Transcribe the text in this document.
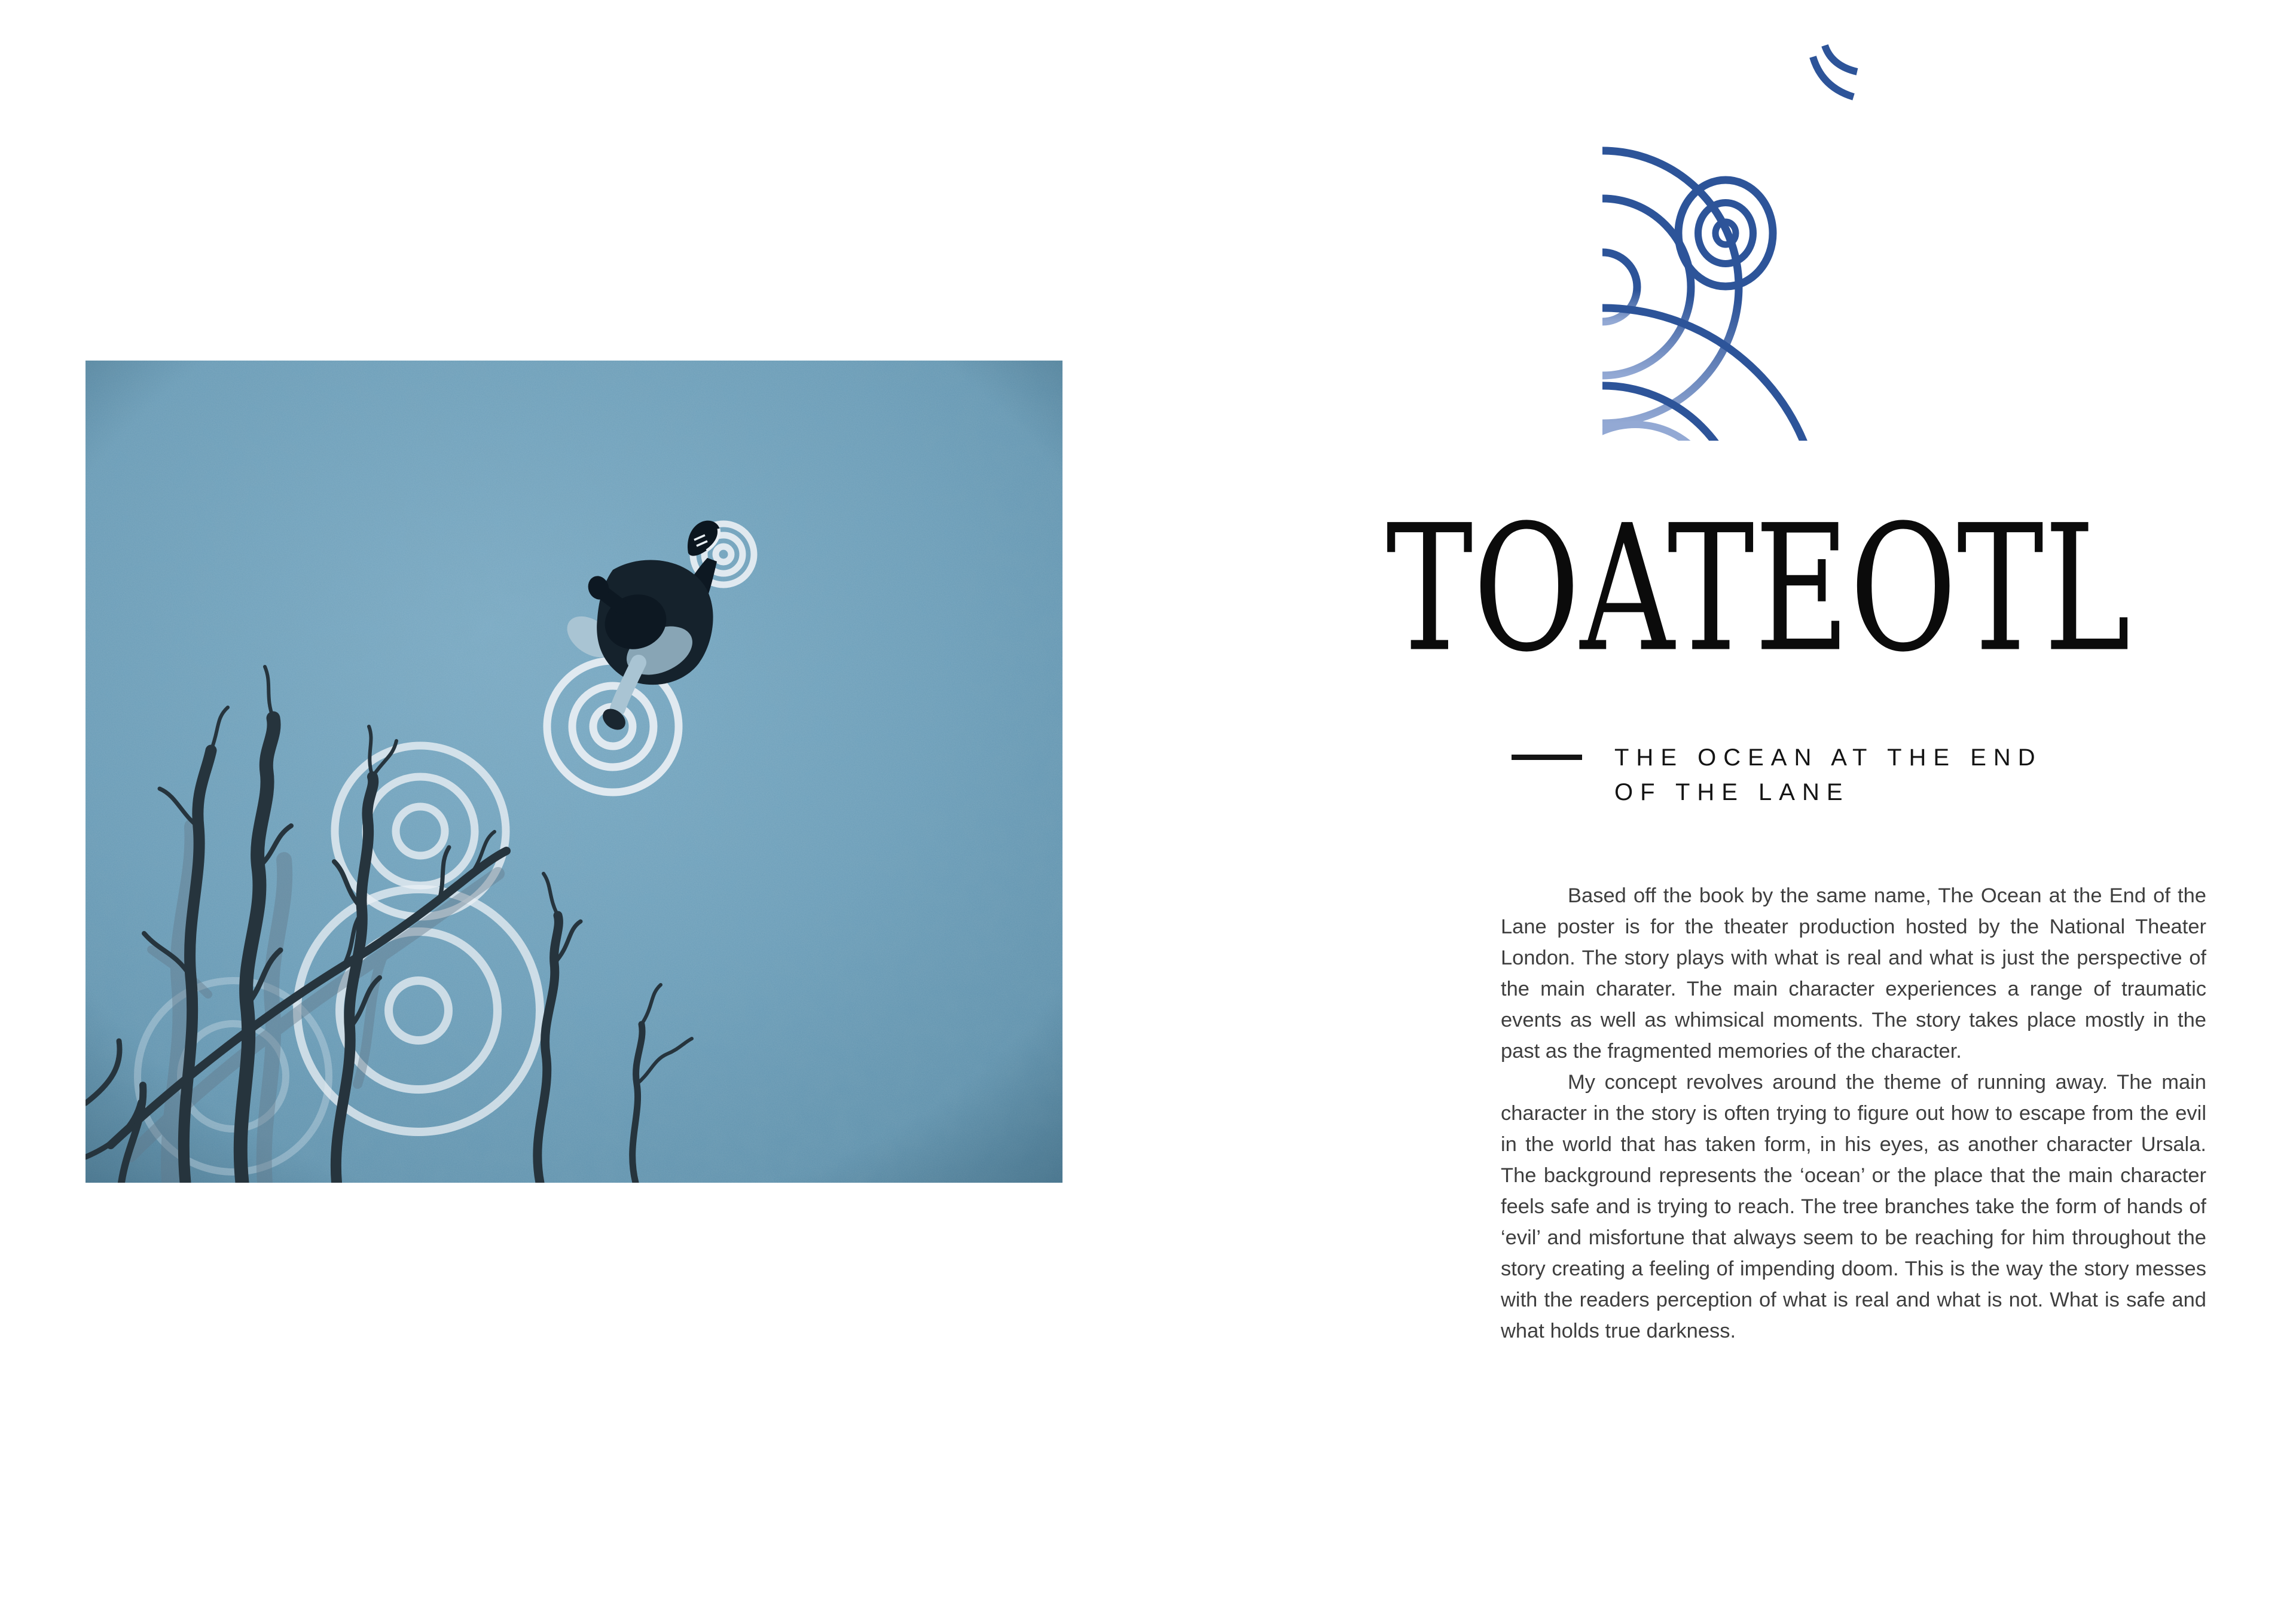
TOATEOTL
THE OCEAN AT THE END
OF THE LANE

Based off the book by the same name, The Ocean at the End of the Lane poster is for the theater production hosted by the National Theater London. The story plays with what is real and what is just the perspective of the main charater. The main character experiences a range of traumatic events as well as whimsical moments. The story takes place mostly in the past as the fragmented memories of the character.

My concept revolves around the theme of running away. The main character in the story is often trying to figure out how to escape from the evil in the world that has taken form, in his eyes, as another character Ursala. The background represents the ‘ocean’ or the place that the main character feels safe and is trying to reach. The tree branches take the form of hands of ‘evil’ and misfortune that always seem to be reaching for him throughout the story creating a feeling of impending doom. This is the way the story messes with the readers perception of what is real and what is not. What is safe and what holds true darkness.
